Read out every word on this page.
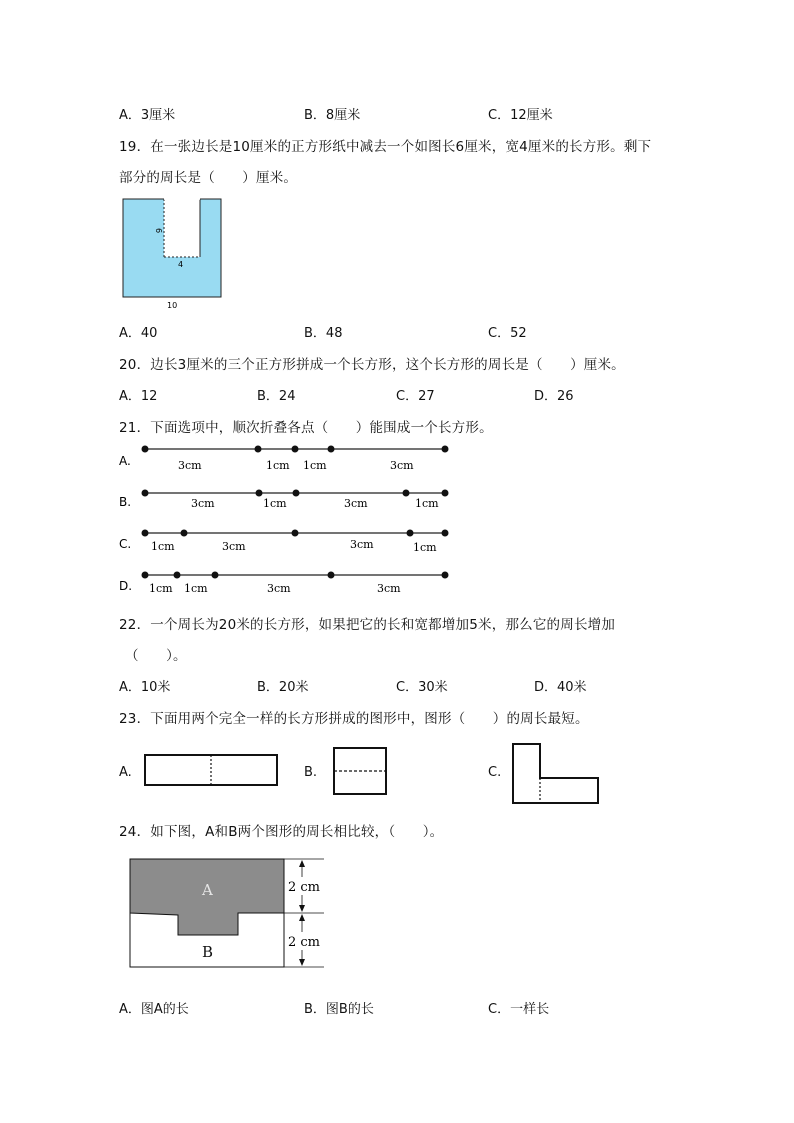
A．3厘米	B．8厘米	C．12厘米
19．在一张边长是10厘米的正方形纸中减去一个如图长6厘米，宽4厘米的长方形。剩下
部分的周长是（　　）厘米。
6
4
10
A．40	B．48	C．52
20．边长3厘米的三个正方形拼成一个长方形，这个长方形的周长是（　　）厘米。
A．12	B．24	C．27	D．26
21．下面选项中，顺次折叠各点（　　）能围成一个长方形。
A.	3cm	1cm 1cm	3cm
B.	3cm	1cm	3cm	1cm
C. 1cm	3cm	3cm	1cm
D. 1cm 1cm	3cm	3cm
22．一个周长为20米的长方形，如果把它的长和宽都增加5米，那么它的周长增加
（　　）。
A．10米	B．20米	C．30米	D．40米
23．下面用两个完全一样的长方形拼成的图形中，图形（　　）的周长最短。
A.	B.	C.
24．如下图，A和B两个图形的周长相比较，（　　）。
A
B
2 cm
2 cm
A．图A的长	B．图B的长	C．一样长
